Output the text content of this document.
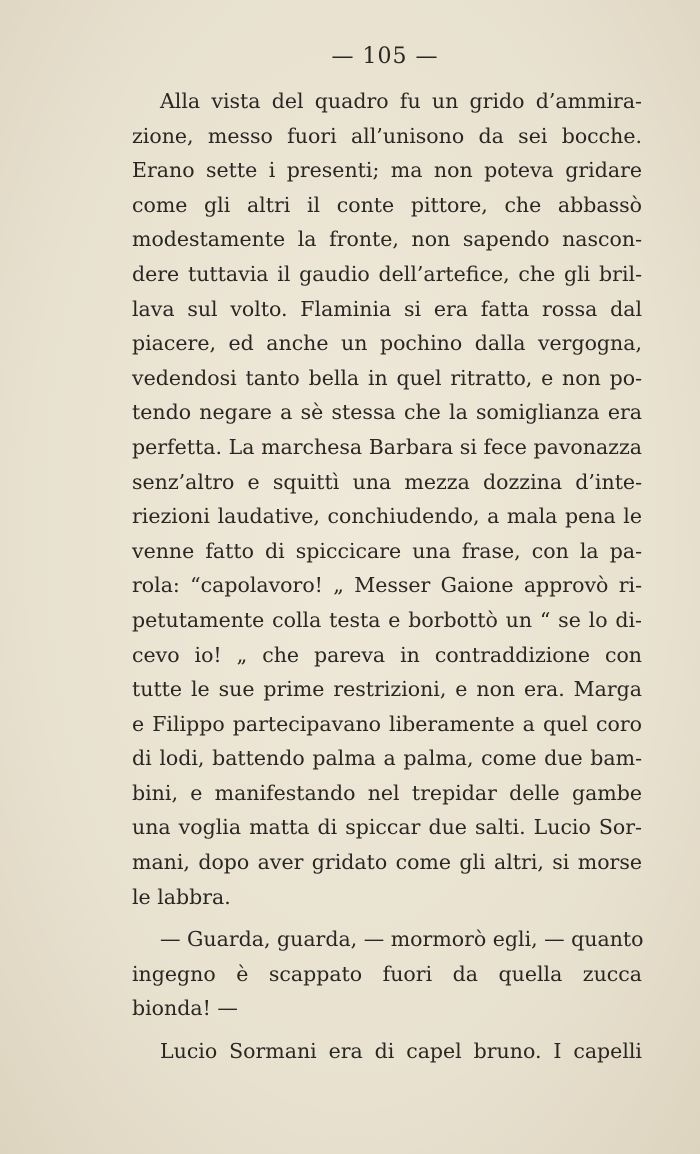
— 105 —
Alla vista del quadro fu un grido d’ammira-
zione, messo fuori all’unisono da sei bocche.
Erano sette i presenti; ma non poteva gridare
come gli altri il conte pittore, che abbassò
modestamente la fronte, non sapendo nascon-
dere tuttavia il gaudio dell’artefice, che gli bril-
lava sul volto. Flaminia si era fatta rossa dal
piacere, ed anche un pochino dalla vergogna,
vedendosi tanto bella in quel ritratto, e non po-
tendo negare a sè stessa che la somiglianza era
perfetta. La marchesa Barbara si fece pavonazza
senz’altro e squittì una mezza dozzina d’inte-
riezioni laudative, conchiudendo, a mala pena le
venne fatto di spiccicare una frase, con la pa-
rola: “capolavoro! „ Messer Gaione approvò ri-
petutamente colla testa e borbottò un “ se lo di-
cevo io! „ che pareva in contraddizione con
tutte le sue prime restrizioni, e non era. Marga
e Filippo partecipavano liberamente a quel coro
di lodi, battendo palma a palma, come due bam-
bini, e manifestando nel trepidar delle gambe
una voglia matta di spiccar due salti. Lucio Sor-
mani, dopo aver gridato come gli altri, si morse
le labbra.
— Guarda, guarda, — mormorò egli, — quanto
ingegno è scappato fuori da quella zucca
bionda! —
Lucio Sormani era di capel bruno. I capelli
